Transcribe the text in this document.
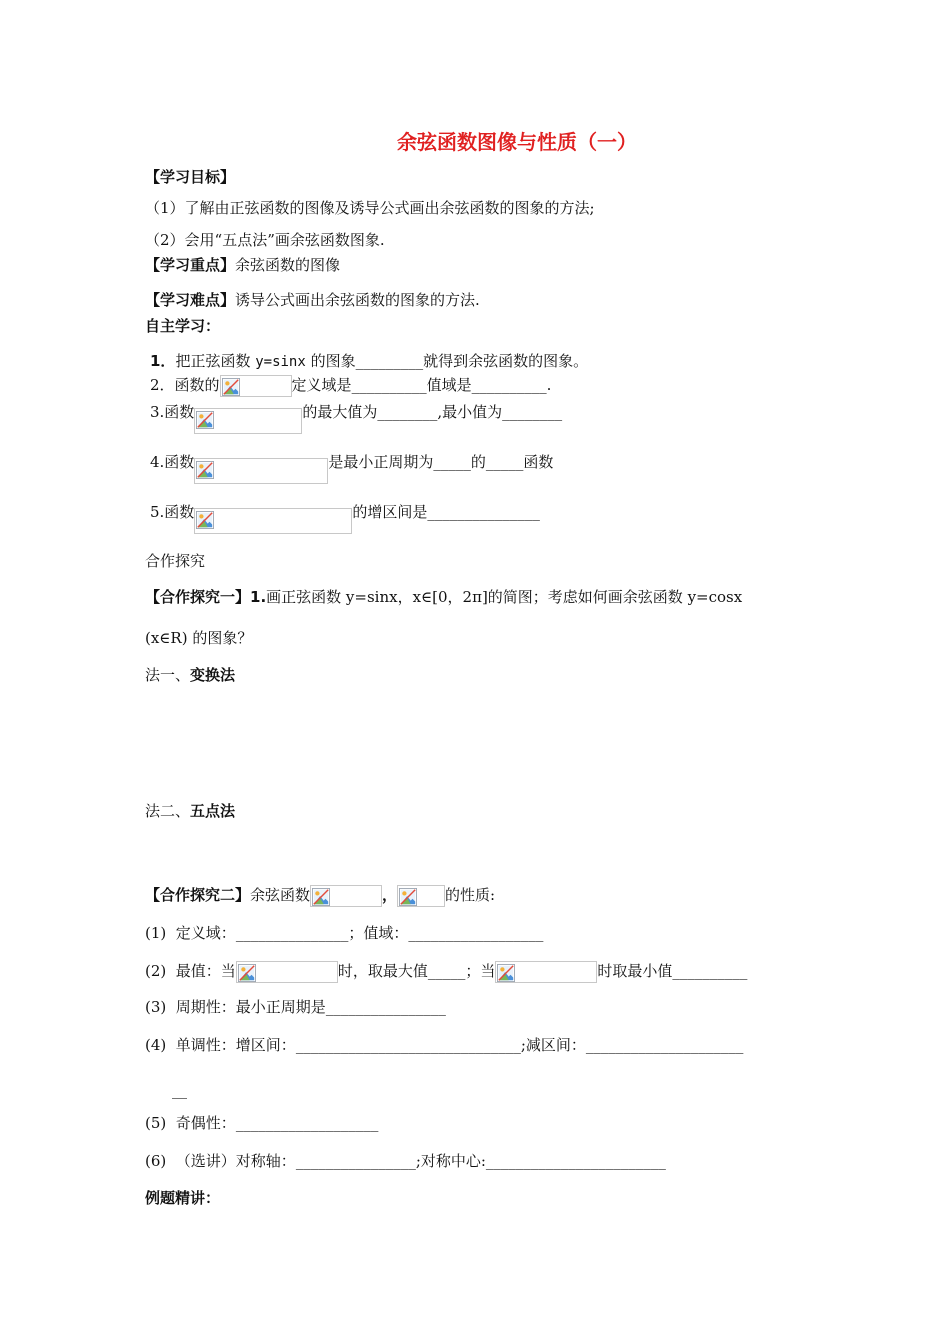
余弦函数图像与性质（一）
【学习目标】
（1）了解由正弦函数的图像及诱导公式画出余弦函数的图象的方法;
（2）会用“五点法”画余弦函数图象.
【学习重点】余弦函数的图像
【学习难点】诱导公式画出余弦函数的图象的方法.
自主学习：
1．把正弦函数 y=sinx 的图象_________就得到余弦函数的图象。
2．函数的	定义域是__________值域是__________.
3.函数	的最大值为________,最小值为________
4.函数	是最小正周期为_____的_____函数
5.函数	的增区间是_______________
合作探究
【合作探究一】1.画正弦函数 y=sinx，x∈[0，2π]的简图；考虑如何画余弦函数 y=cosx
(x∈R) 的图象？
法一、变换法
法二、五点法
【合作探究二】余弦函数	，	的性质:
(1) 定义域：_______________；值域：__________________
(2) 最值：当	时，取最大值_____；当	时取最小值__________
(3) 周期性：最小正周期是________________
(4) 单调性：增区间：______________________________;减区间：_____________________
__
(5) 奇偶性：___________________
(6) （选讲）对称轴：________________;对称中心:________________________
例题精讲：
